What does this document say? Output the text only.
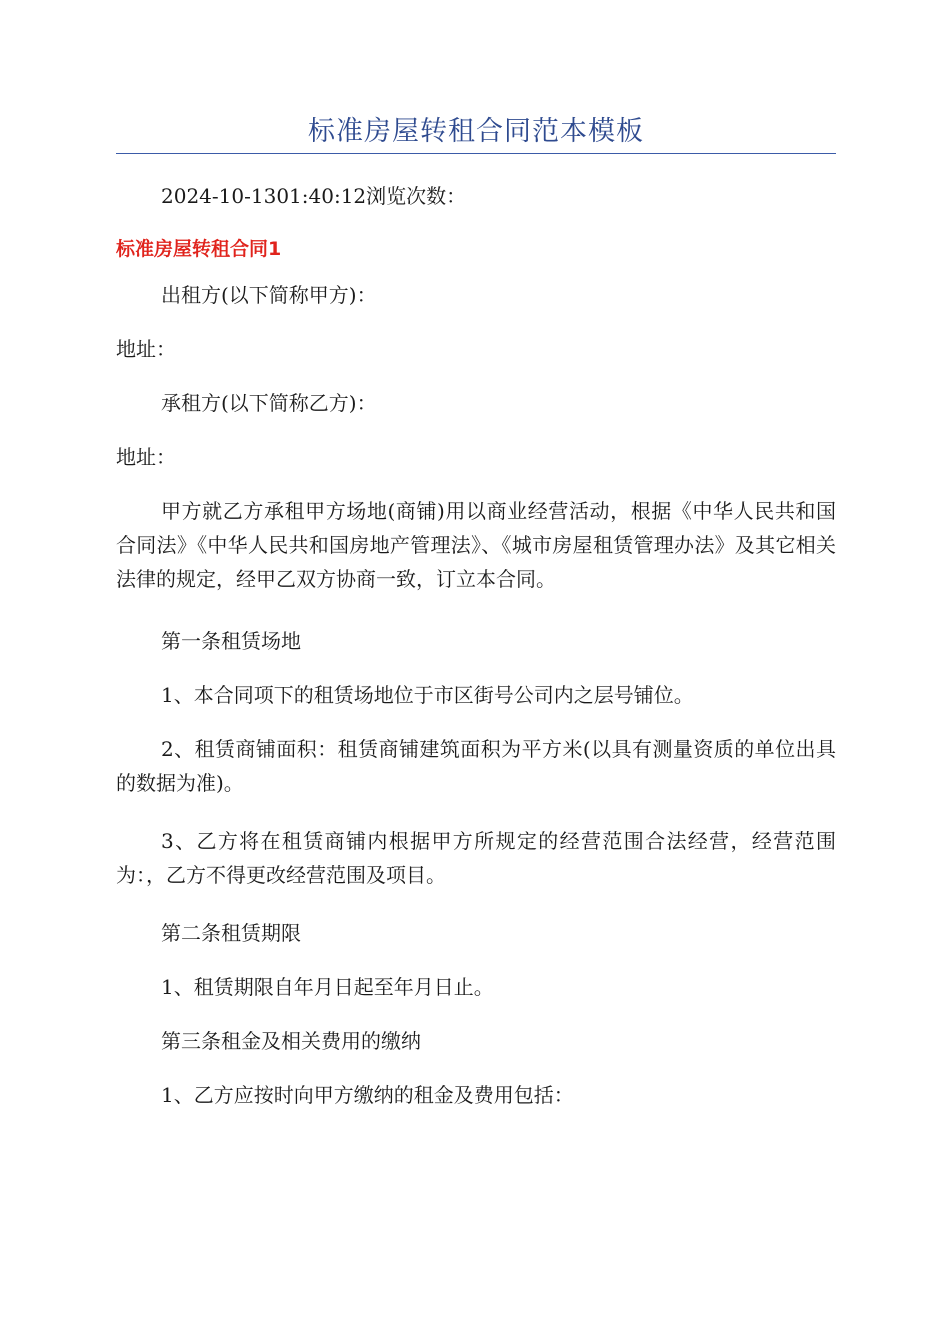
标准房屋转租合同范本模板
2024-10-1301:40:12浏览次数：
标准房屋转租合同1

出租方(以下简称甲方)：

地址：

承租方(以下简称乙方)：

地址：

甲方就乙方承租甲方场地(商铺)用以商业经营活动，根据《中华人民共和国合同法》《中华人民共和国房地产管理法》、《城市房屋租赁管理办法》及其它相关法律的规定，经甲乙双方协商一致，订立本合同。

第一条租赁场地

1、本合同项下的租赁场地位于市区街号公司内之层号铺位。

2、租赁商铺面积：租赁商铺建筑面积为平方米(以具有测量资质的单位出具的数据为准)。

3、乙方将在租赁商铺内根据甲方所规定的经营范围合法经营，经营范围为：，乙方不得更改经营范围及项目。

第二条租赁期限

1、租赁期限自年月日起至年月日止。

第三条租金及相关费用的缴纳

1、乙方应按时向甲方缴纳的租金及费用包括：
